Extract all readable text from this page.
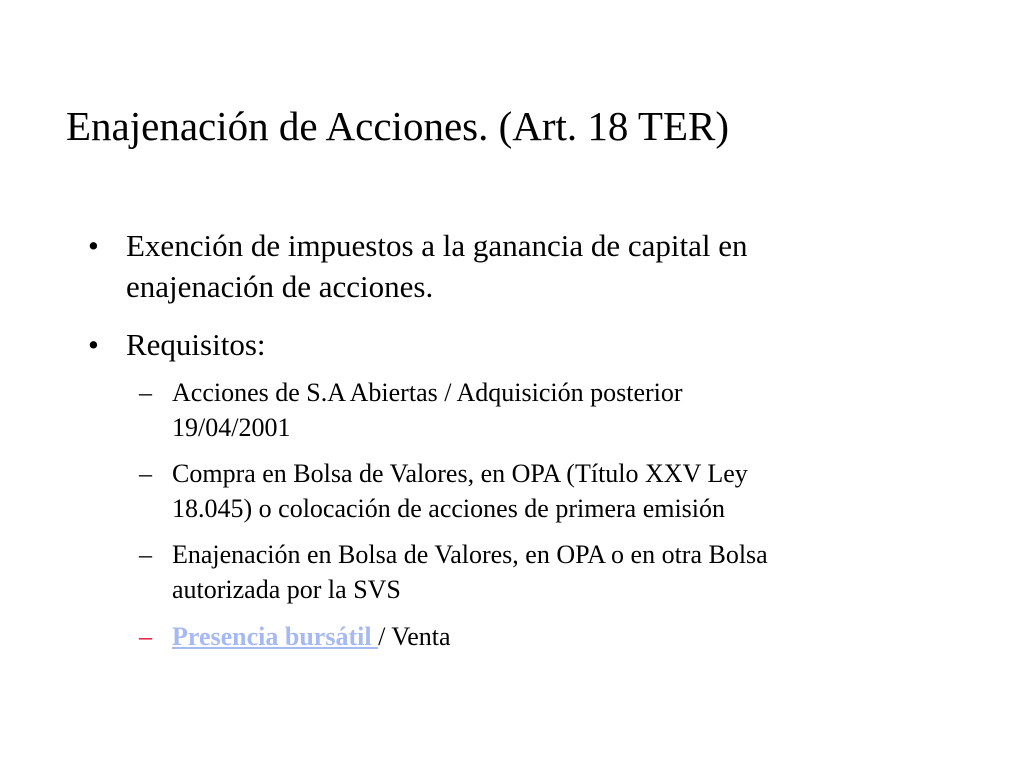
Enajenación de Acciones. (Art. 18 TER)
• Exención de impuestos a la ganancia de capital en
enajenación de acciones.
• Requisitos:
– Acciones de S.A Abiertas / Adquisición posterior
19/04/2001
– Compra en Bolsa de Valores, en OPA (Título XXV Ley
18.045) o colocación de acciones de primera emisión
– Enajenación en Bolsa de Valores, en OPA o en otra Bolsa
autorizada por la SVS
– Presencia bursátil / Venta
